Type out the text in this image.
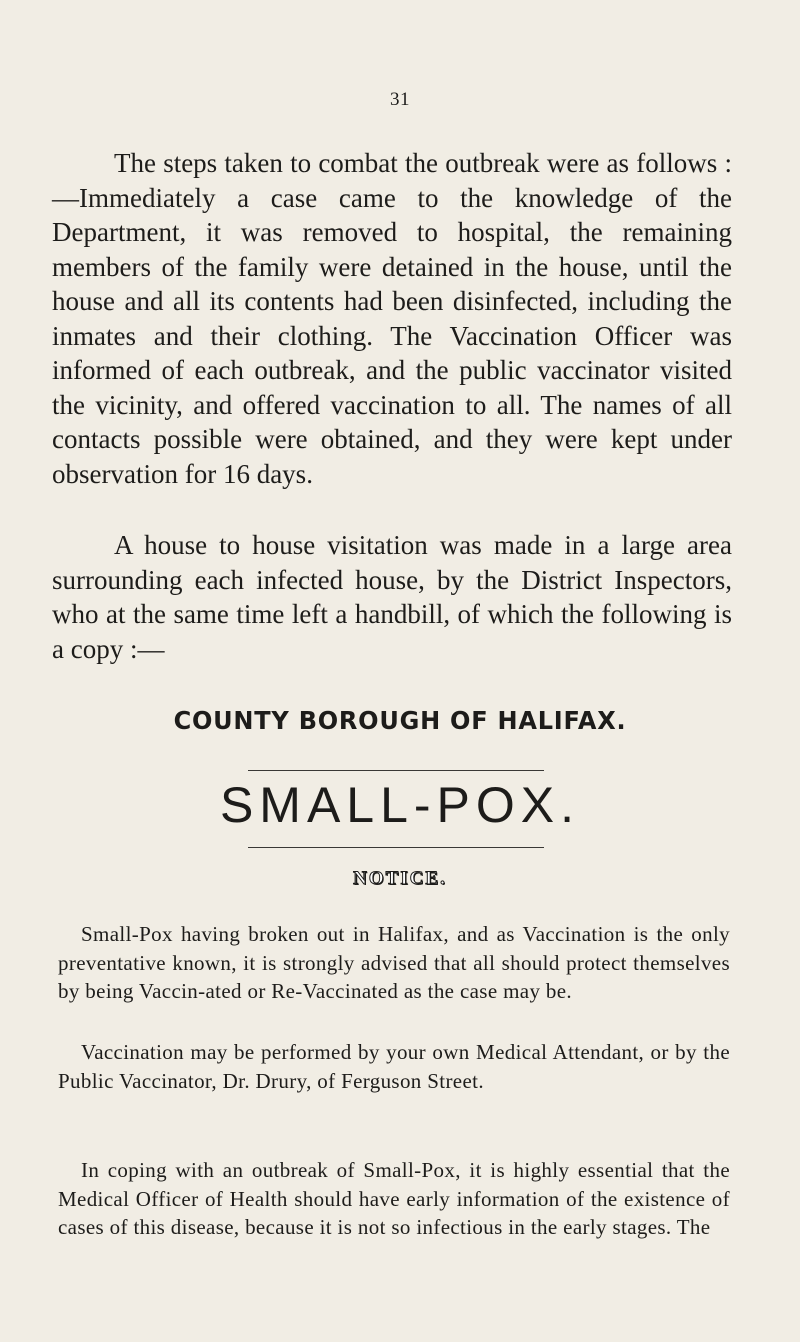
31

The steps taken to combat the outbreak were as follows :—Immediately a case came to the knowledge of the Department, it was removed to hospital, the remaining members of the family were detained in the house, until the house and all its contents had been disinfected, including the inmates and their clothing. The Vaccination Officer was informed of each outbreak, and the public vaccinator visited the vicinity, and offered vaccination to all. The names of all contacts possible were obtained, and they were kept under observation for 16 days.

A house to house visitation was made in a large area surrounding each infected house, by the District Inspectors, who at the same time left a handbill, of which the following is a copy :—

COUNTY BOROUGH OF HALIFAX.
SMALL-POX.
NOTICE.

Small-Pox having broken out in Halifax, and as Vaccination is the only preventative known, it is strongly advised that all should protect themselves by being Vaccin-ated or Re-Vaccinated as the case may be.

Vaccination may be performed by your own Medical Attendant, or by the Public Vaccinator, Dr. Drury, of Ferguson Street.

In coping with an outbreak of Small-Pox, it is highly essential that the Medical Officer of Health should have early information of the existence of cases of this disease, because it is not so infectious in the early stages. The
